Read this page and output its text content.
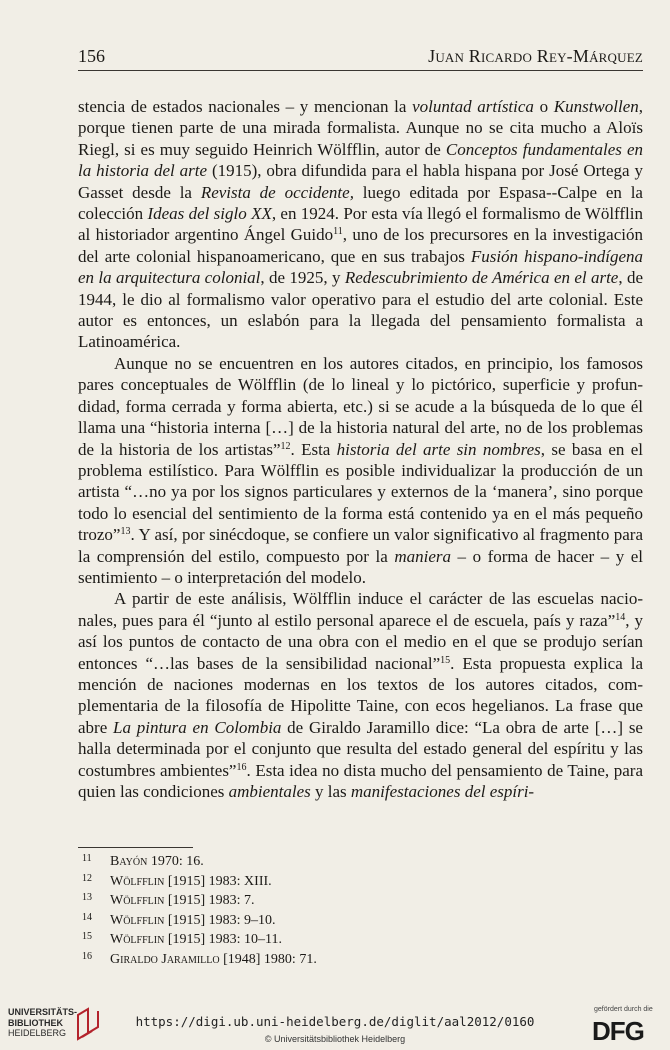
156	Juan Ricardo Rey-Márquez

stencia de estados nacionales – y mencionan la voluntad artística o Kunstwollen, porque tienen parte de una mirada formalista. Aunque no se cita mucho a Aloïs Riegl, si es muy seguido Heinrich Wölfflin, autor de Conceptos fundamentales en la historia del arte (1915), obra difundida para el habla hispana por José Ortega y Gasset desde la Revista de occidente, luego editada por Espasa--Calpe en la colección Ideas del siglo XX, en 1924. Por esta vía llegó el formalismo de Wölfflin al historiador argentino Ángel Guido$^{11}$, uno de los precursores en la investigación del arte colonial hispanoamericano, que en sus trabajos Fusión hispano-indígena en la arquitectura colonial, de 1925, y Redescubrimiento de América en el arte, de 1944, le dio al formalismo valor operativo para el estudio del arte colonial. Este autor es entonces, un eslabón para la llegada del pensamiento formalista a Latinoamérica.

Aunque no se encuentren en los autores citados, en principio, los famosos pares conceptuales de Wölfflin (de lo lineal y lo pictórico, superficie y profundidad, forma cerrada y forma abierta, etc.) si se acude a la búsqueda de lo que él llama una “historia interna […] de la historia natural del arte, no de los problemas de la historia de los artistas”$^{12}$. Esta historia del arte sin nombres, se basa en el problema estilístico. Para Wölfflin es posible individualizar la producción de un artista “…no ya por los signos particulares y externos de la ‘manera’, sino porque todo lo esencial del sentimiento de la forma está contenido ya en el más pequeño trozo”$^{13}$. Y así, por sinécdoque, se confiere un valor significativo al fragmento para la comprensión del estilo, compuesto por la maniera – o forma de hacer – y el sentimiento – o interpretación del modelo.

A partir de este análisis, Wölfflin induce el carácter de las escuelas nacionales, pues para él “junto al estilo personal aparece el de escuela, país y raza”$^{14}$, y así los puntos de contacto de una obra con el medio en el que se produjo serían entonces “…las bases de la sensibilidad nacional”$^{15}$. Esta propuesta explica la mención de naciones modernas en los textos de los autores citados, complementaria de la filosofía de Hipolitte Taine, con ecos hegelianos. La frase que abre La pintura en Colombia de Giraldo Jaramillo dice: “La obra de arte […] se halla determinada por el conjunto que resulta del estado general del espíritu y las costumbres ambientes”$^{16}$. Esta idea no dista mucho del pensamiento de Taine, para quien las condiciones ambientales y las manifestaciones del espíri-

11	Bayón 1970: 16.
12	Wölfflin [1915] 1983: XIII.
13	Wölfflin [1915] 1983: 7.
14	Wölfflin [1915] 1983: 9–10.
15	Wölfflin [1915] 1983: 10–11.
16	Giraldo Jaramillo [1948] 1980: 71.
UNIVERSITÄTS-
BIBLIOTHEK
HEIDELBERG
https://digi.ub.uni-heidelberg.de/diglit/aal2012/0160
© Universitätsbibliothek Heidelberg
gefördert durch die
DFG
